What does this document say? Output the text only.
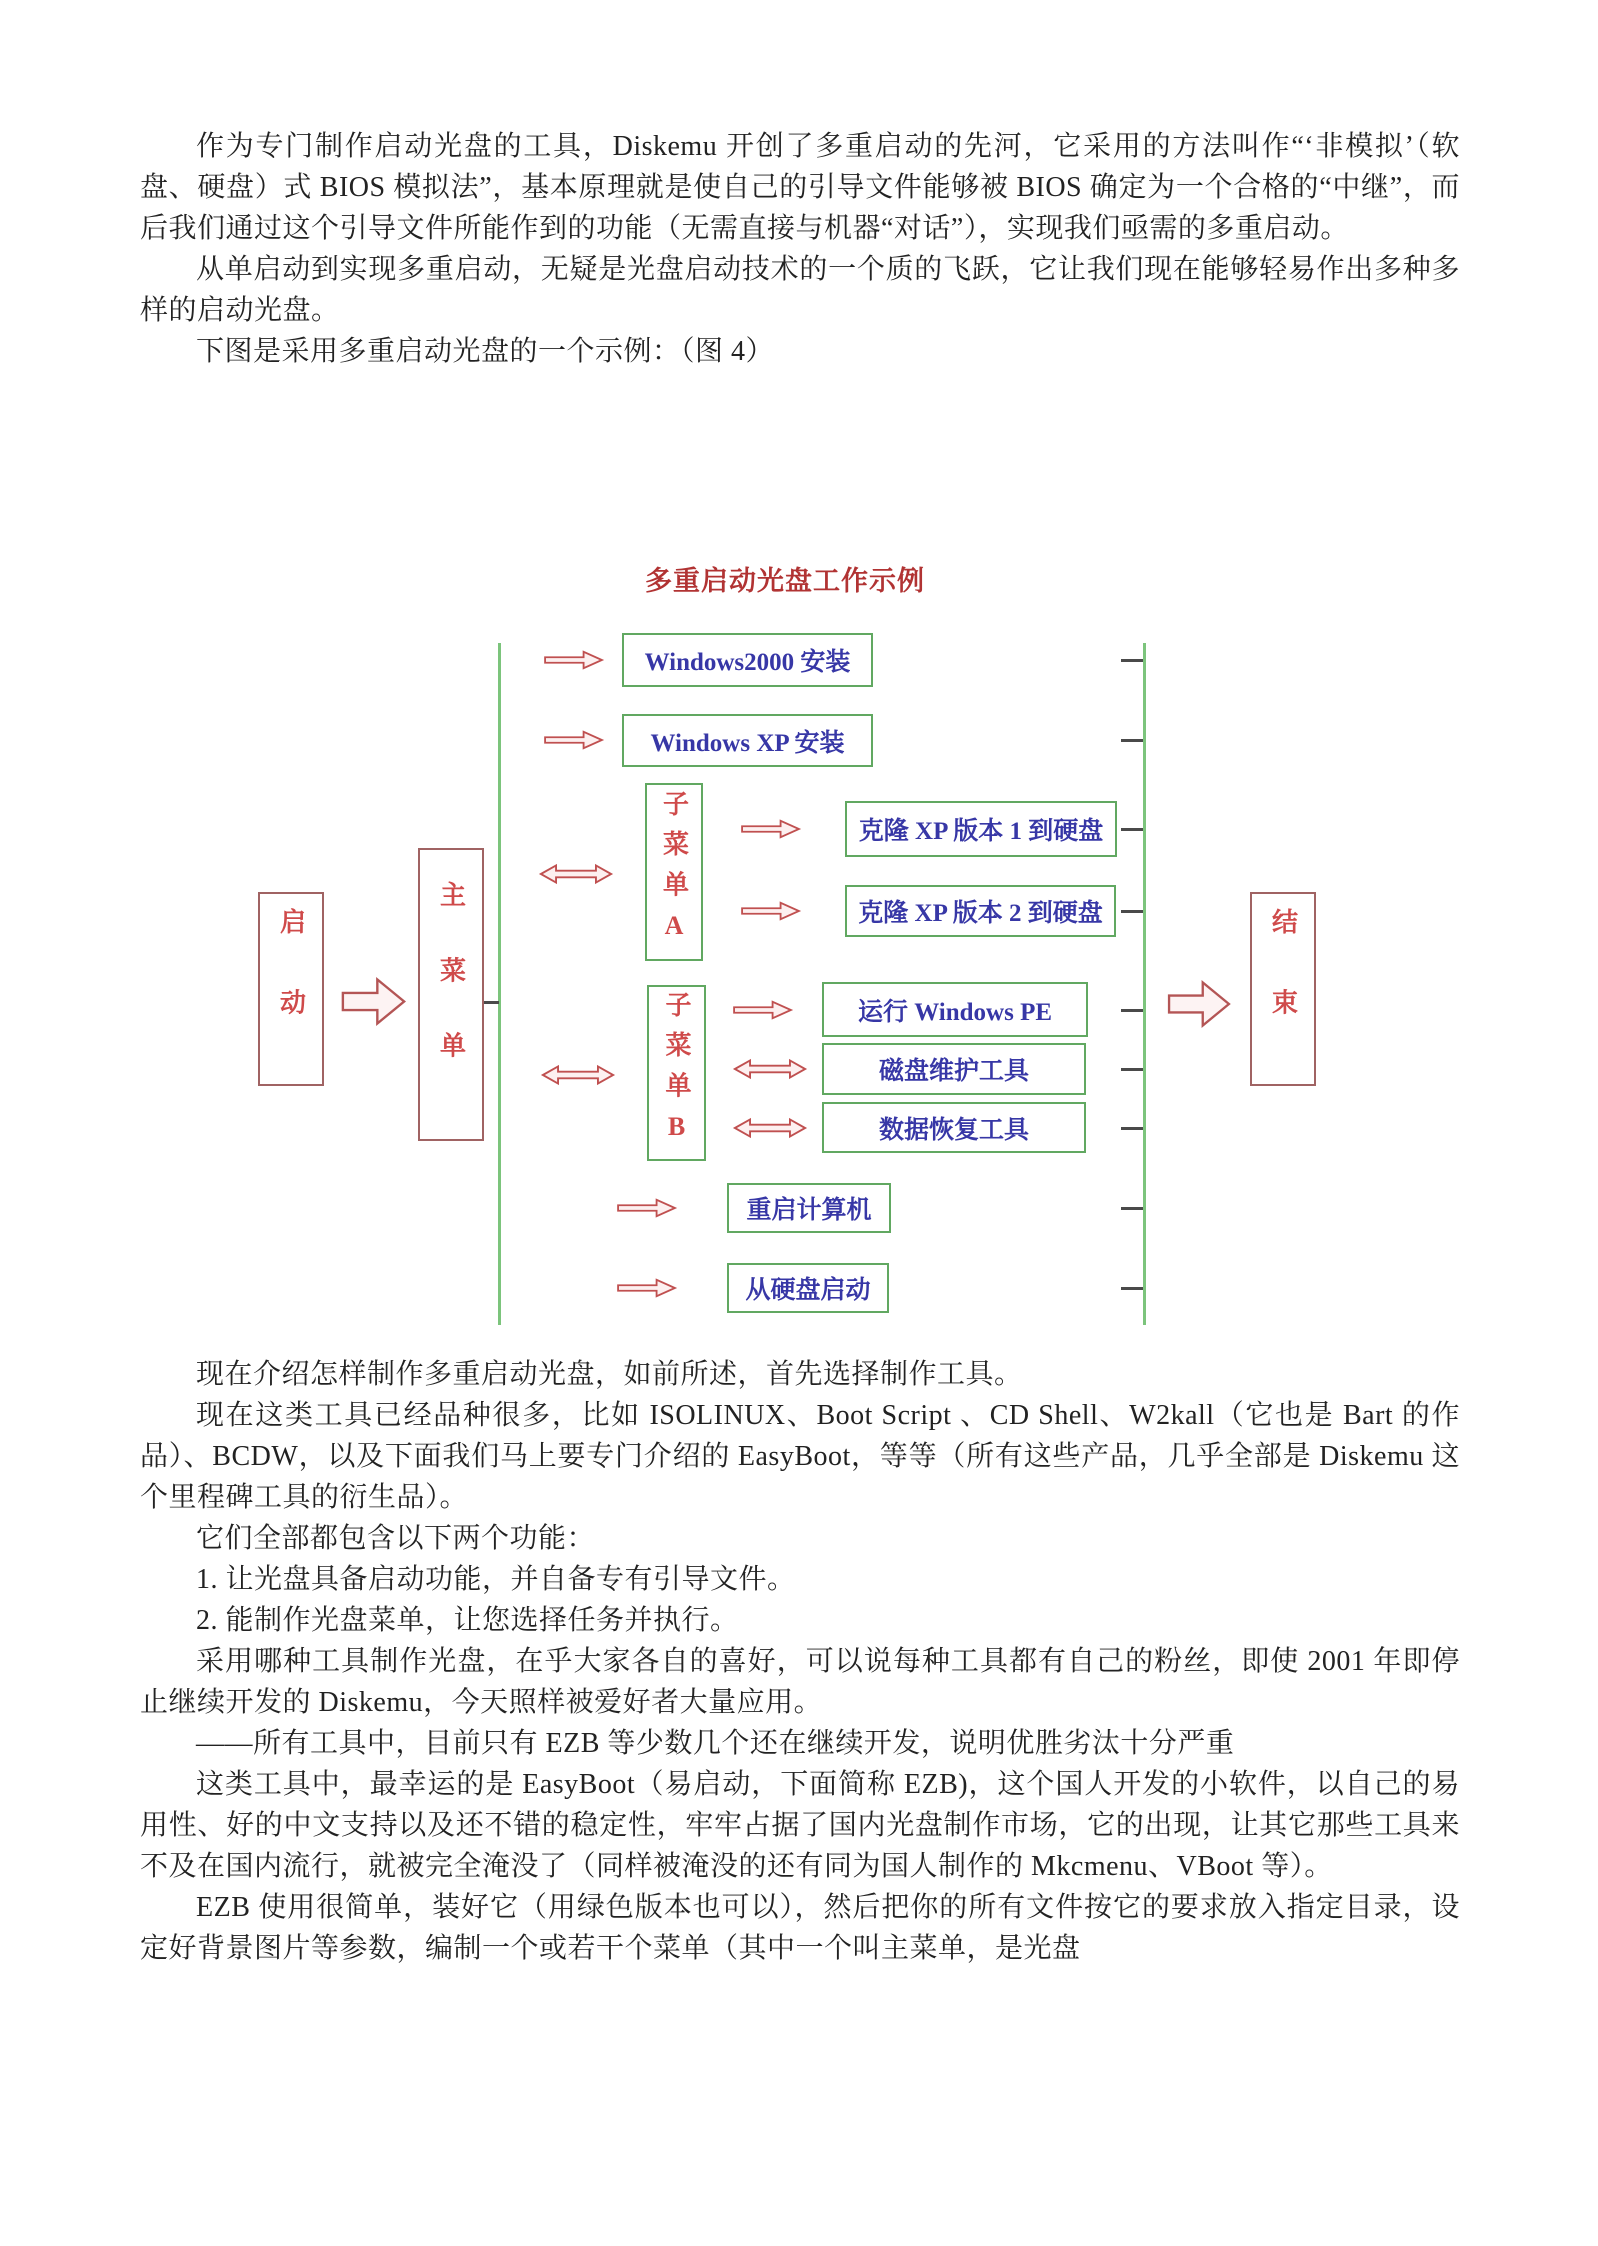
作为专门制作启动光盘的工具，Diskemu 开创了多重启动的先河，它采用的方法叫作“‘非模拟’（软盘、硬盘）式 BIOS 模拟法”，基本原理就是使自己的引导文件能够被 BIOS 确定为一个合格的“中继”，而后我们通过这个引导文件所能作到的功能（无需直接与机器“对话”），实现我们亟需的多重启动。

从单启动到实现多重启动，无疑是光盘启动技术的一个质的飞跃，它让我们现在能够轻易作出多种多样的启动光盘。

下图是采用多重启动光盘的一个示例：（图 4）

多重启动光盘工作示例
启动	主菜单
子菜单A
子菜单B
结束
Windows2000 安装
Windows XP 安装
克隆 XP 版本 1 到硬盘
克隆 XP 版本 2 到硬盘
运行 Windows PE
磁盘维护工具
数据恢复工具
重启计算机
从硬盘启动

现在介绍怎样制作多重启动光盘，如前所述，首先选择制作工具。

现在这类工具已经品种很多，比如 ISOLINUX、Boot Script 、CD Shell、W2kall（它也是 Bart 的作品）、BCDW，以及下面我们马上要专门介绍的 EasyBoot，等等（所有这些产品，几乎全部是 Diskemu 这个里程碑工具的衍生品）。

它们全部都包含以下两个功能：

1. 让光盘具备启动功能，并自备专有引导文件。

2. 能制作光盘菜单，让您选择任务并执行。

采用哪种工具制作光盘，在乎大家各自的喜好，可以说每种工具都有自己的粉丝，即使 2001 年即停止继续开发的 Diskemu，今天照样被爱好者大量应用。

——所有工具中，目前只有 EZB 等少数几个还在继续开发，说明优胜劣汰十分严重

这类工具中，最幸运的是 EasyBoot（易启动，下面简称 EZB)，这个国人开发的小软件，以自己的易用性、好的中文支持以及还不错的稳定性，牢牢占据了国内光盘制作市场，它的出现，让其它那些工具来不及在国内流行，就被完全淹没了（同样被淹没的还有同为国人制作的 Mkcmenu、VBoot 等）。

EZB 使用很简单，装好它（用绿色版本也可以），然后把你的所有文件按它的要求放入指定目录，设定好背景图片等参数，编制一个或若干个菜单（其中一个叫主菜单，是光盘
